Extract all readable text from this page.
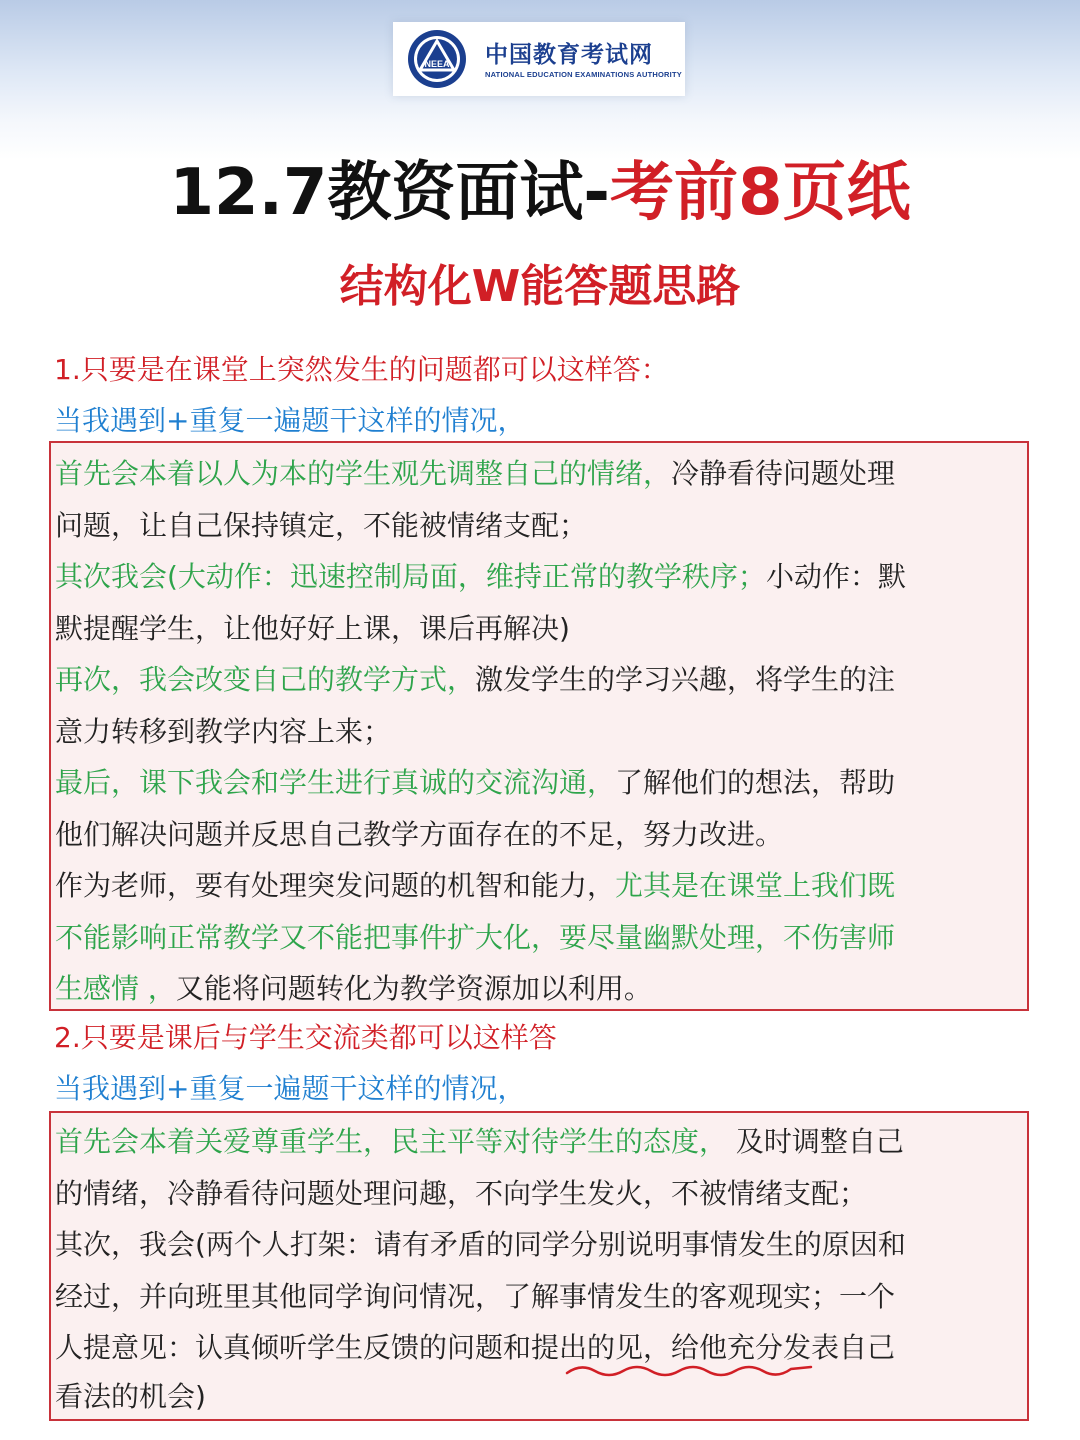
NEEA 中国教育考试网
NATIONAL EDUCATION EXAMINATIONS AUTHORITY
12.7教资面试-考前8页纸
结构化W能答题思路
1.只要是在课堂上突然发生的问题都可以这样答：
当我遇到+重复一遍题干这样的情况，
首先会本着以人为本的学生观先调整自己的情绪，冷静看待问题处理
问题，让自己保持镇定，不能被情绪支配；
其次我会(大动作：迅速控制局面，维持正常的教学秩序；小动作：默
默提醒学生，让他好好上课，课后再解决)
再次，我会改变自己的教学方式，激发学生的学习兴趣，将学生的注
意力转移到教学内容上来；
最后，课下我会和学生进行真诚的交流沟通，了解他们的想法，帮助
他们解决问题并反思自己教学方面存在的不足，努力改进。
作为老师，要有处理突发问题的机智和能力，尤其是在课堂上我们既
不能影响正常教学又不能把事件扩大化，要尽量幽默处理，不伤害师
生感情 ，又能将问题转化为教学资源加以利用。
2.只要是课后与学生交流类都可以这样答
当我遇到+重复一遍题干这样的情况，
首先会本着关爱尊重学生，民主平等对待学生的态度， 及时调整自己
的情绪，冷静看待问题处理问趣，不向学生发火，不被情绪支配；
其次，我会(两个人打架：请有矛盾的同学分别说明事情发生的原因和
经过，并向班里其他同学询问情况，了解事情发生的客观现实；一个
人提意见：认真倾听学生反馈的问题和提出的见，给他充分发表自己
看法的机会)
